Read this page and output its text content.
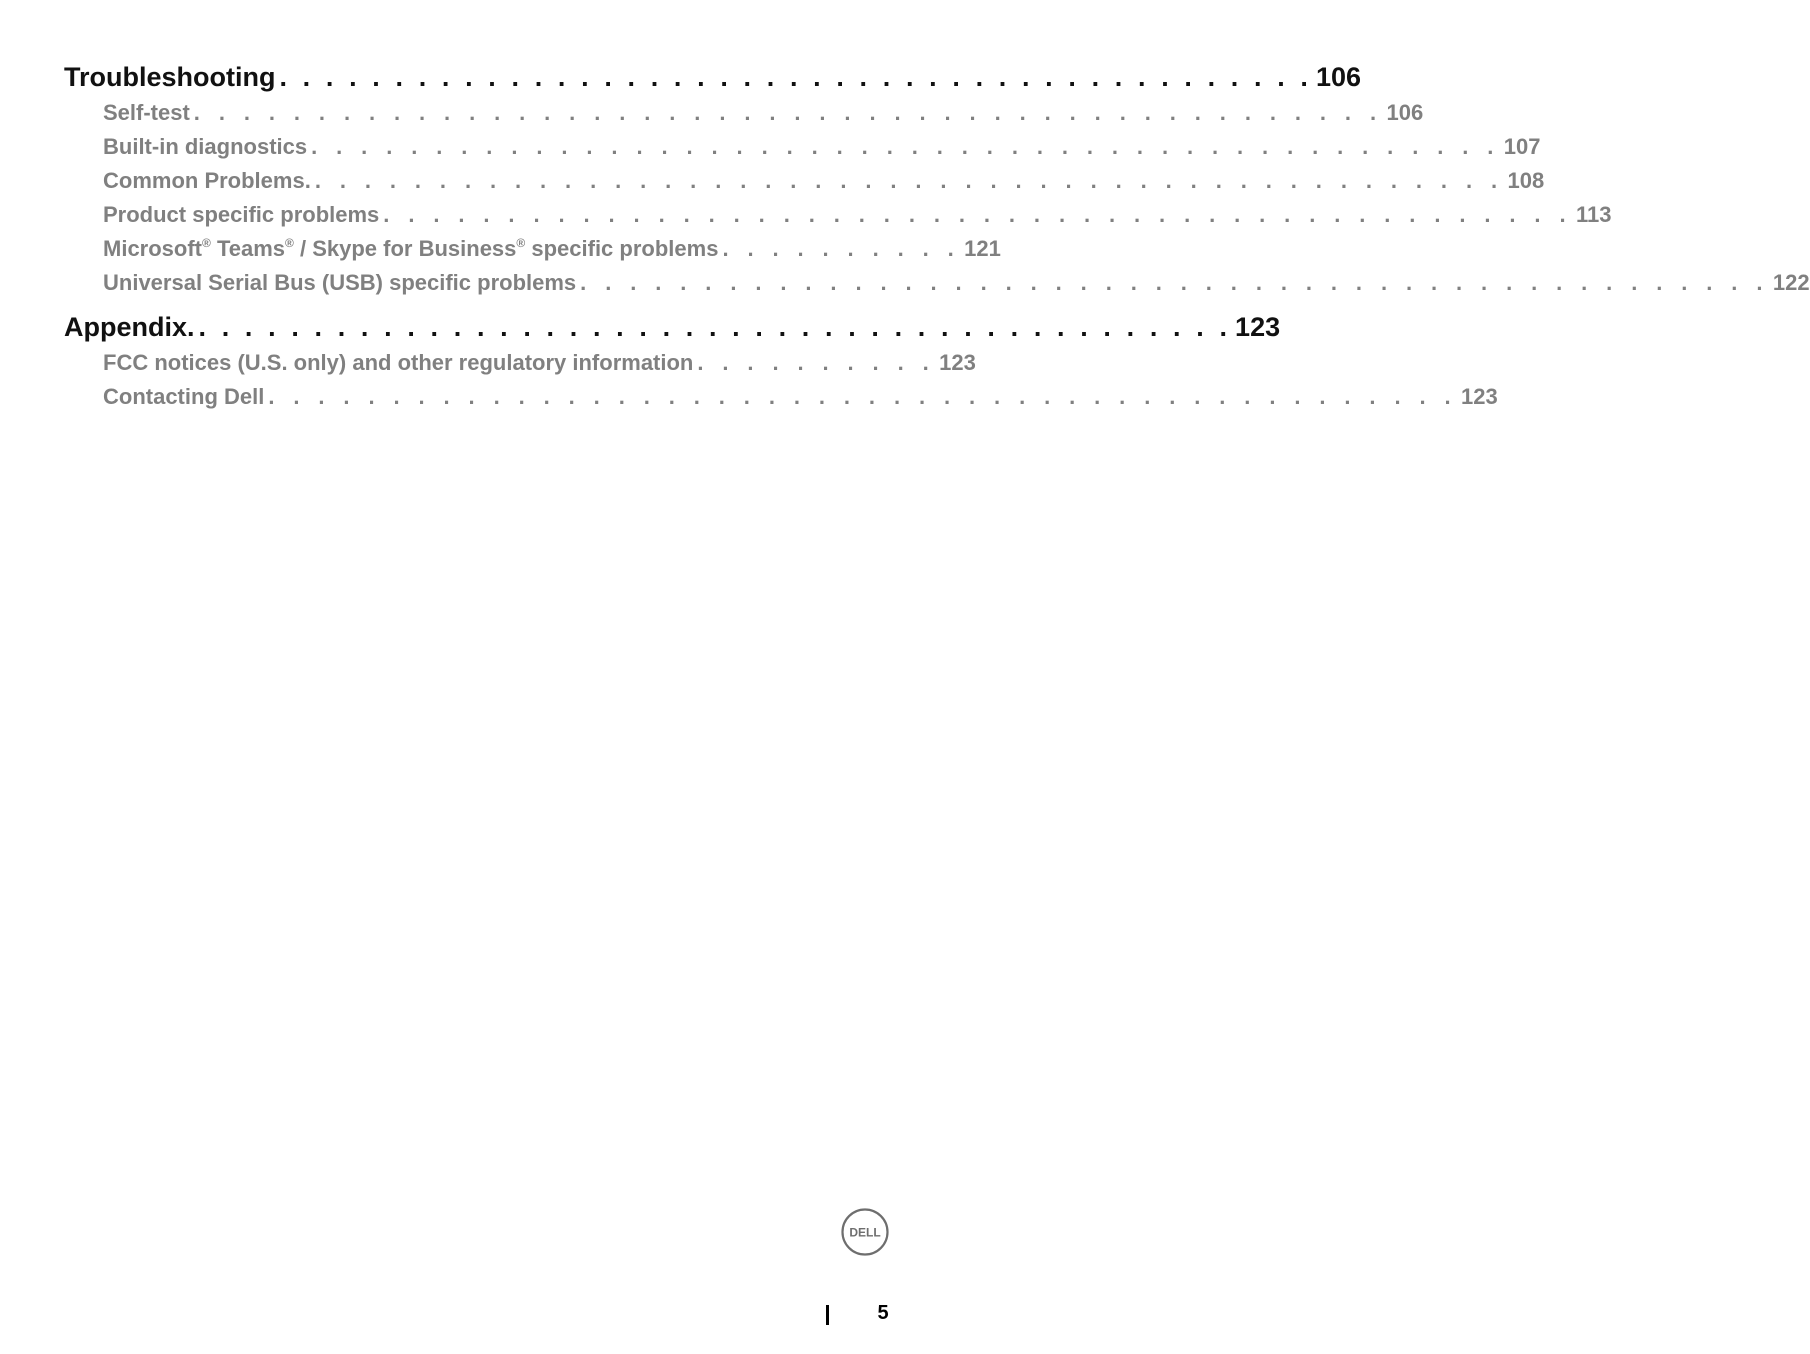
Troubleshooting . . . . . . . . . . . . . . . . . . . . . . . . . . . . . . . . . . . . . . . . . . . . . 106
Self-test . . . . . . . . . . . . . . . . . . . . . . . . . . . . . . . . . . . . . . . . . . . . . . . . 106
Built-in diagnostics . . . . . . . . . . . . . . . . . . . . . . . . . . . . . . . . . . . . . . . . . . . . . . . . 107
Common Problems. . . . . . . . . . . . . . . . . . . . . . . . . . . . . . . . . . . . . . . . . . . . . . . . . 108
Product specific problems . . . . . . . . . . . . . . . . . . . . . . . . . . . . . . . . . . . . . . . . . . . . . . . . 113
Microsoft® Teams® / Skype for Business® specific problems . . . . . . . . . . 121
Universal Serial Bus (USB) specific problems . . . . . . . . . . . . . . . . . . . . . . . . . . . . . . . . . . . . . . . . . . . . . . . . 122
Appendix. . . . . . . . . . . . . . . . . . . . . . . . . . . . . . . . . . . . . . . . . . . . . . 123
FCC notices (U.S. only) and other regulatory information . . . . . . . . . . 123
Contacting Dell . . . . . . . . . . . . . . . . . . . . . . . . . . . . . . . . . . . . . . . . . . . . . . . . 123
DELL
5
